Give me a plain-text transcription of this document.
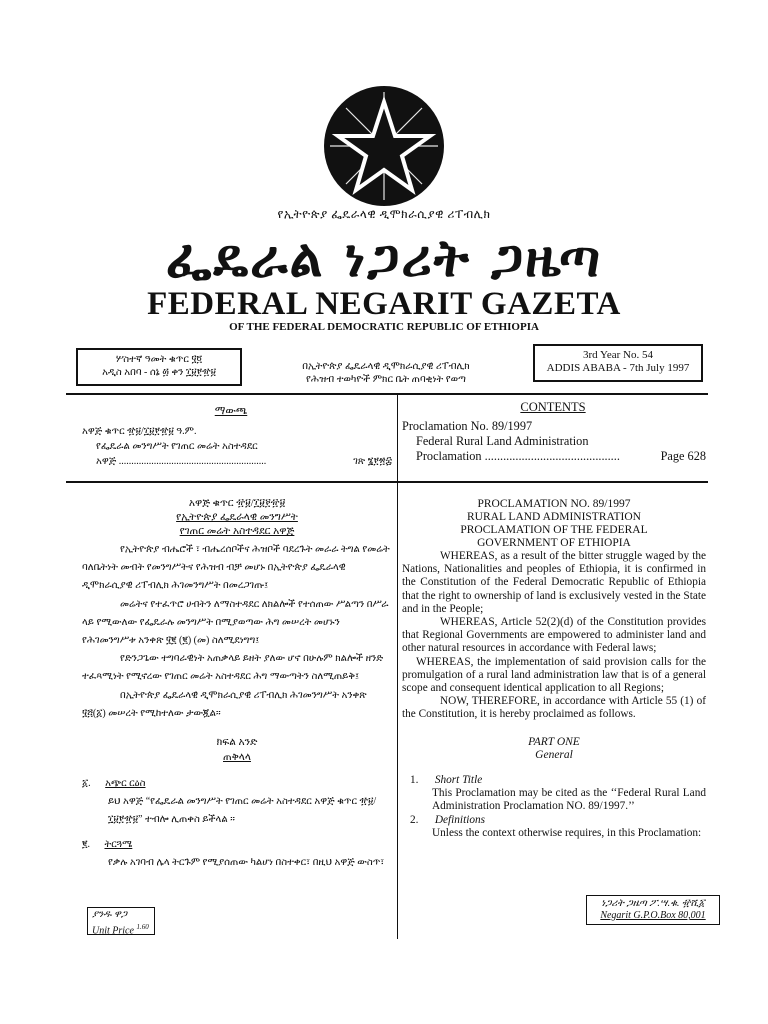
የኢትዮጵያ ፌዴራላዊ ዲሞክራሲያዊ ሪፐብሊክ
ፌዴራል ነጋሪት ጋዜጣ
FEDERAL NEGARIT GAZETA
OF THE FEDERAL DEMOCRATIC REPUBLIC OF ETHIOPIA
ሦስተኛ ዓመት ቁጥር ፶፬
አዲስ አበባ - ሰኔ ፴ ቀን ፲፱፻፹፱
በኢትዮጵያ ፌዴራላዊ ዲሞክራሲያዊ ሪፐብሊክ
የሕዝብ ተወካዮች ምክር ቤት ጠባቂነት የወጣ
3rd Year No. 54
ADDIS ABABA - 7th July 1997
ማውጫ
አዋጅ ቁጥር ፹፱/፲፱፻፹፱ ዓ.ም.
የፌዴራል መንግሥት የገጠር መሬት አስተዳደር
አዋጅ ...........................................................	ገጽ ፮፻፳፰
CONTENTS
Proclamation No. 89/1997
Federal Rural Land Administration
Proclamation ............................................	Page 628
አዋጅ ቁጥር ፹፱/፲፱፻፹፱
የኢትዮጵያ ፌዴራላዊ መንግሥት
የገጠር መሬት አስተዳደር አዋጅ
የኢትዮጵያ ብሔሮች ፣ ብሔረሰቦችና ሕዝቦች ባደረጉት መራራ ትግል የመሬት ባለቤትነት መብት የመንግሥትና የሕዝብ ብቻ መሆኑ በኢትዮጵያ ፌዴራላዊ ዲሞክራሲያዊ ሪፐብሊክ ሕገመንግሥት በመረጋገጡ፤
መሬትና የተፈጥሮ ሀብትን ለማስተዳደር ለክልሎች የተሰጠው ሥልጣን በሥራ ላይ የሚውለው የፌዴራሉ መንግሥት በሚያወጣው ሕግ መሠረት መሆኑን የሕገመንግሥቱ አንቀጽ ፶፪ (፪) (መ) ስለሚደነግግ፤
የድንጋጌው ተግባራዊነት አጠቃላይ ይዘት ያለው ሆኖ በሁሉም ክልሎች ዘንድ ተፈጻሚነት የሚኖረው የገጠር መሬት አስተዳደር ሕግ ማውጣትን ስለሚጠይቅ፤
በኢትዮጵያ ፌዴራላዊ ዲሞክራሲያዊ ሪፐብሊክ ሕገመንግሥት አንቀጽ ፶፭(፩) መሠረት የሚከተለው ታውጇል።
ክፍል አንድ
ጠቅላላ
፩. አጭር ርዕስ
ይህ አዋጅ “የፌዴራል መንግሥት የገጠር መሬት አስተዳደር አዋጅ ቁጥር ፹፱/፲፱፻፹፱” ተብሎ ሊጠቀስ ይችላል ።
፪. ትርጓሜ
የቃሉ አገባብ ሌላ ትርጉም የሚያሰጠው ካልሆነ በስተቀር፣ በዚህ አዋጅ ውስጥ፣
PROCLAMATION NO. 89/1997
RURAL LAND ADMINISTRATION
PROCLAMATION OF THE FEDERAL
GOVERNMENT OF ETHIOPIA
WHEREAS, as a result of the bitter struggle waged by the Nations, Nationalities and peoples of Ethiopia, it is confirmed in the Constitution of the Federal Democratic Republic of Ethiopia that the right to ownership of land is exclusively vested in the State and in the People;
WHEREAS, Article 52(2)(d) of the Constitution provides that Regional Governments are empowered to administer land and other natural resources in accordance with Federal laws;
WHEREAS, the implementation of said provision calls for the promulgation of a rural land administration law that is of a general scope and consequent identical application to all Regions;
NOW, THEREFORE, in accordance with Article 55 (1) of the Constitution, it is hereby proclaimed as follows.
PART ONE
General
1. Short Title
This Proclamation may be cited as the ‘‘Federal Rural Land Administration Proclamation NO. 89/1997.’’
2. Definitions
Unless the context otherwise requires, in this Proclamation:
ያንዱ ዋጋ
Unit Price $^{1.60}$
ነጋሪት ጋዜጣ ፖ.ሣ.ቁ. ፹ሺ፩
Negarit G.P.O.Box 80,001
